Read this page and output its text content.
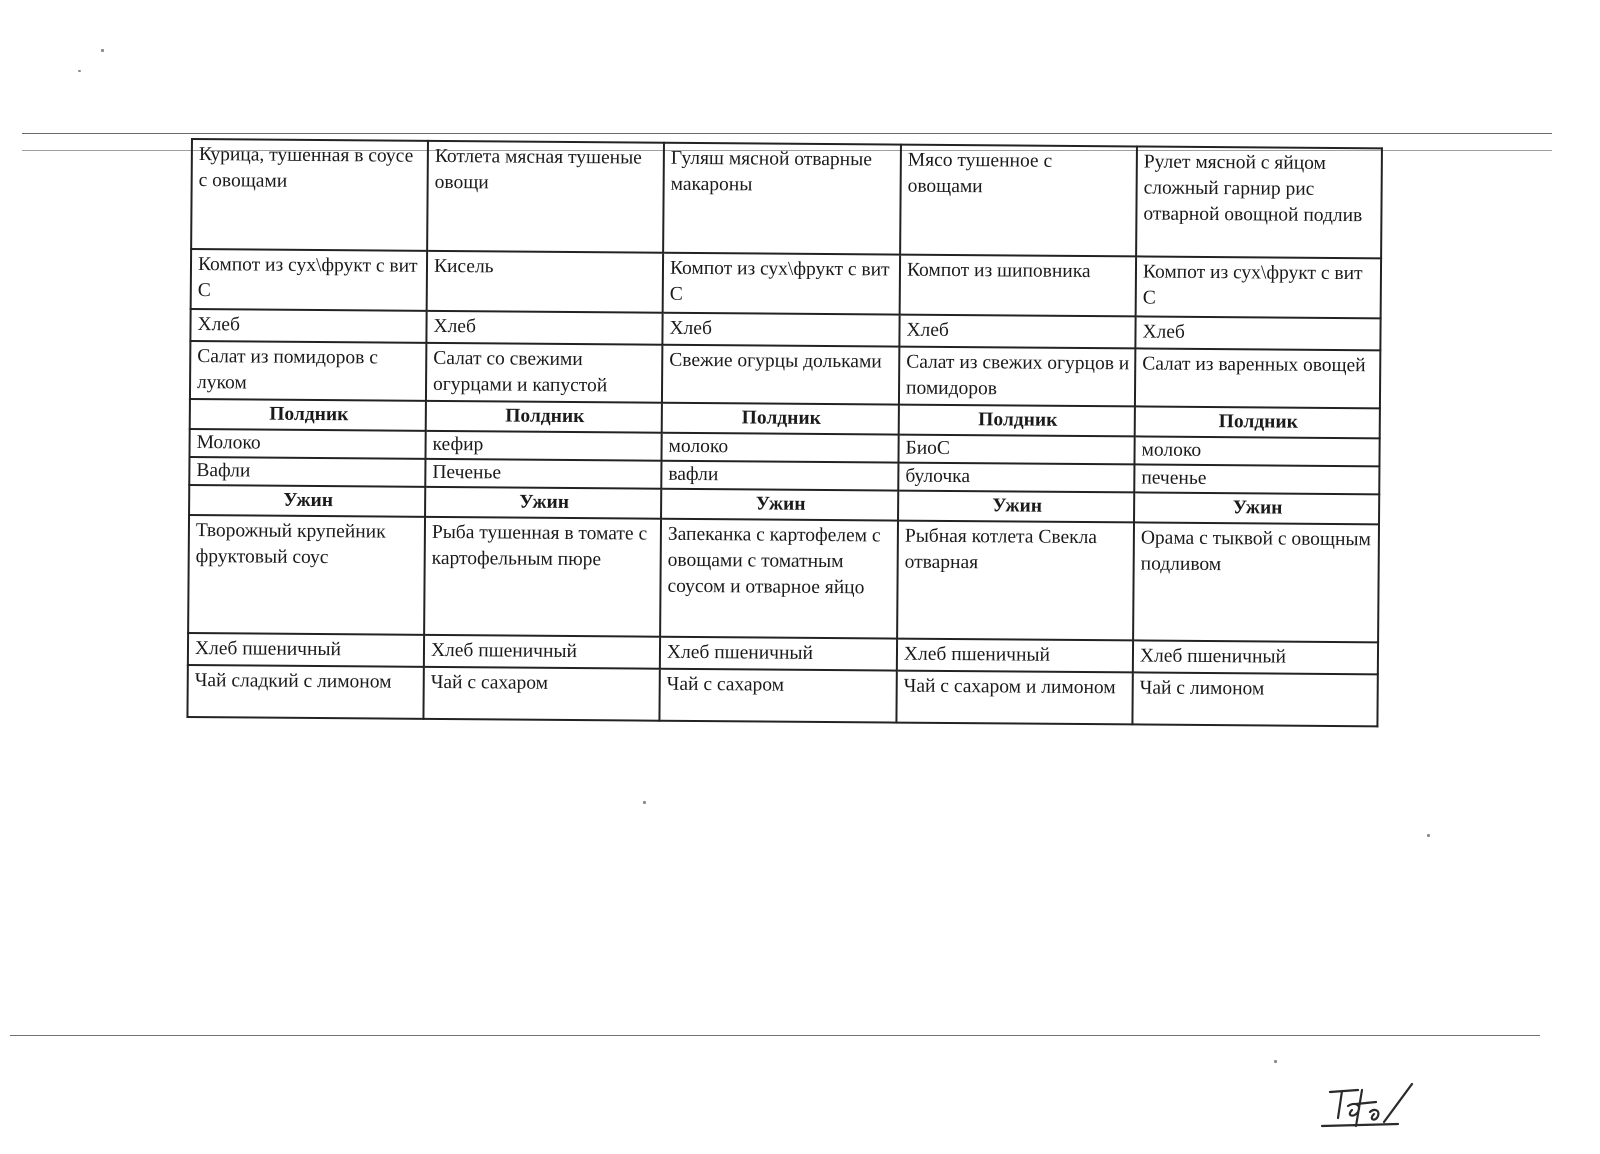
Курица, тушенная в соусе с овощами	Котлета мясная тушеные овощи	Гуляш мясной отварные макароны	Мясо тушенное с овощами	Рулет мясной с яйцом сложный гарнир рис отварной овощной подлив
Компот из сух\фрукт с вит С	Кисель	Компот из сух\фрукт с вит С	Компот из шиповника	Компот из сух\фрукт с вит С
Хлеб	Хлеб	Хлеб	Хлеб	Хлеб
Салат из помидоров с луком	Салат со свежими огурцами и капустой	Свежие огурцы дольками	Салат из свежих огурцов и помидоров	Салат из варенных овощей
Полдник	Полдник	Полдник	Полдник	Полдник
Молоко	кефир	молоко	БиоС	молоко
Вафли	Печенье	вафли	булочка	печенье
Ужин	Ужин	Ужин	Ужин	Ужин
Творожный крупейник фруктовый соус	Рыба тушенная в томате с картофельным пюре	Запеканка с картофелем с овощами с томатным соусом и отварное яйцо	Рыбная котлета Свекла отварная	Орама с тыквой с овощным подливом
Хлеб пшеничный	Хлеб пшеничный	Хлеб пшеничный	Хлеб пшеничный	Хлеб пшеничный
Чай сладкий с лимоном	Чай с сахаром	Чай с сахаром	Чай с сахаром и лимоном	Чай с лимоном
